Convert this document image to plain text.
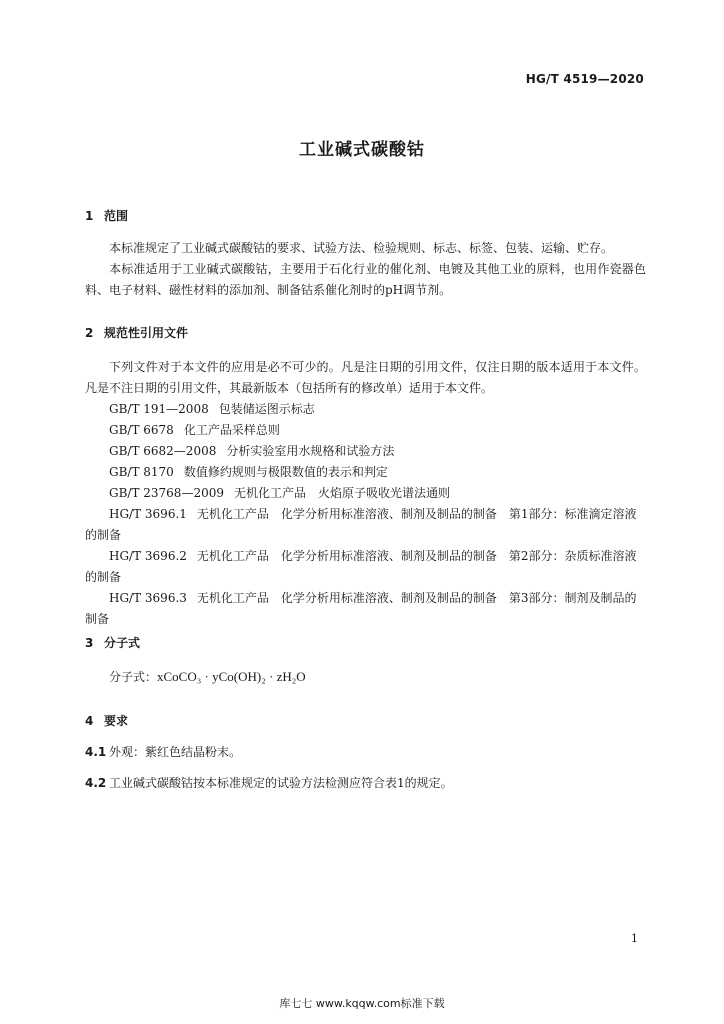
HG/T 4519—2020
工业碱式碳酸钴
1 范围
本标准规定了工业碱式碳酸钴的要求、试验方法、检验规则、标志、标签、包装、运输、贮存。
本标准适用于工业碱式碳酸钴，主要用于石化行业的催化剂、电镀及其他工业的原料，也用作瓷器色料、电子材料、磁性材料的添加剂、制备钴系催化剂时的pH调节剂。
2 规范性引用文件
下列文件对于本文件的应用是必不可少的。凡是注日期的引用文件，仅注日期的版本适用于本文件。凡是不注日期的引用文件，其最新版本（包括所有的修改单）适用于本文件。
GB/T 191—2008 包装储运图示标志
GB/T 6678 化工产品采样总则
GB/T 6682—2008 分析实验室用水规格和试验方法
GB/T 8170 数值修约规则与极限数值的表示和判定
GB/T 23768—2009 无机化工产品　火焰原子吸收光谱法通则
HG/T 3696.1 无机化工产品　化学分析用标准溶液、制剂及制品的制备　第1部分：标准滴定溶液的制备
HG/T 3696.2 无机化工产品　化学分析用标准溶液、制剂及制品的制备　第2部分：杂质标准溶液的制备
HG/T 3696.3 无机化工产品　化学分析用标准溶液、制剂及制品的制备　第3部分：制剂及制品的制备
3 分子式
分子式：xCoCO₃ · yCo(OH)₂ · zH₂O
4 要求
4.1 外观：紫红色结晶粉末。
4.2 工业碱式碳酸钴按本标准规定的试验方法检测应符合表1的规定。
1
库七七 www.kqqw.com标准下载
